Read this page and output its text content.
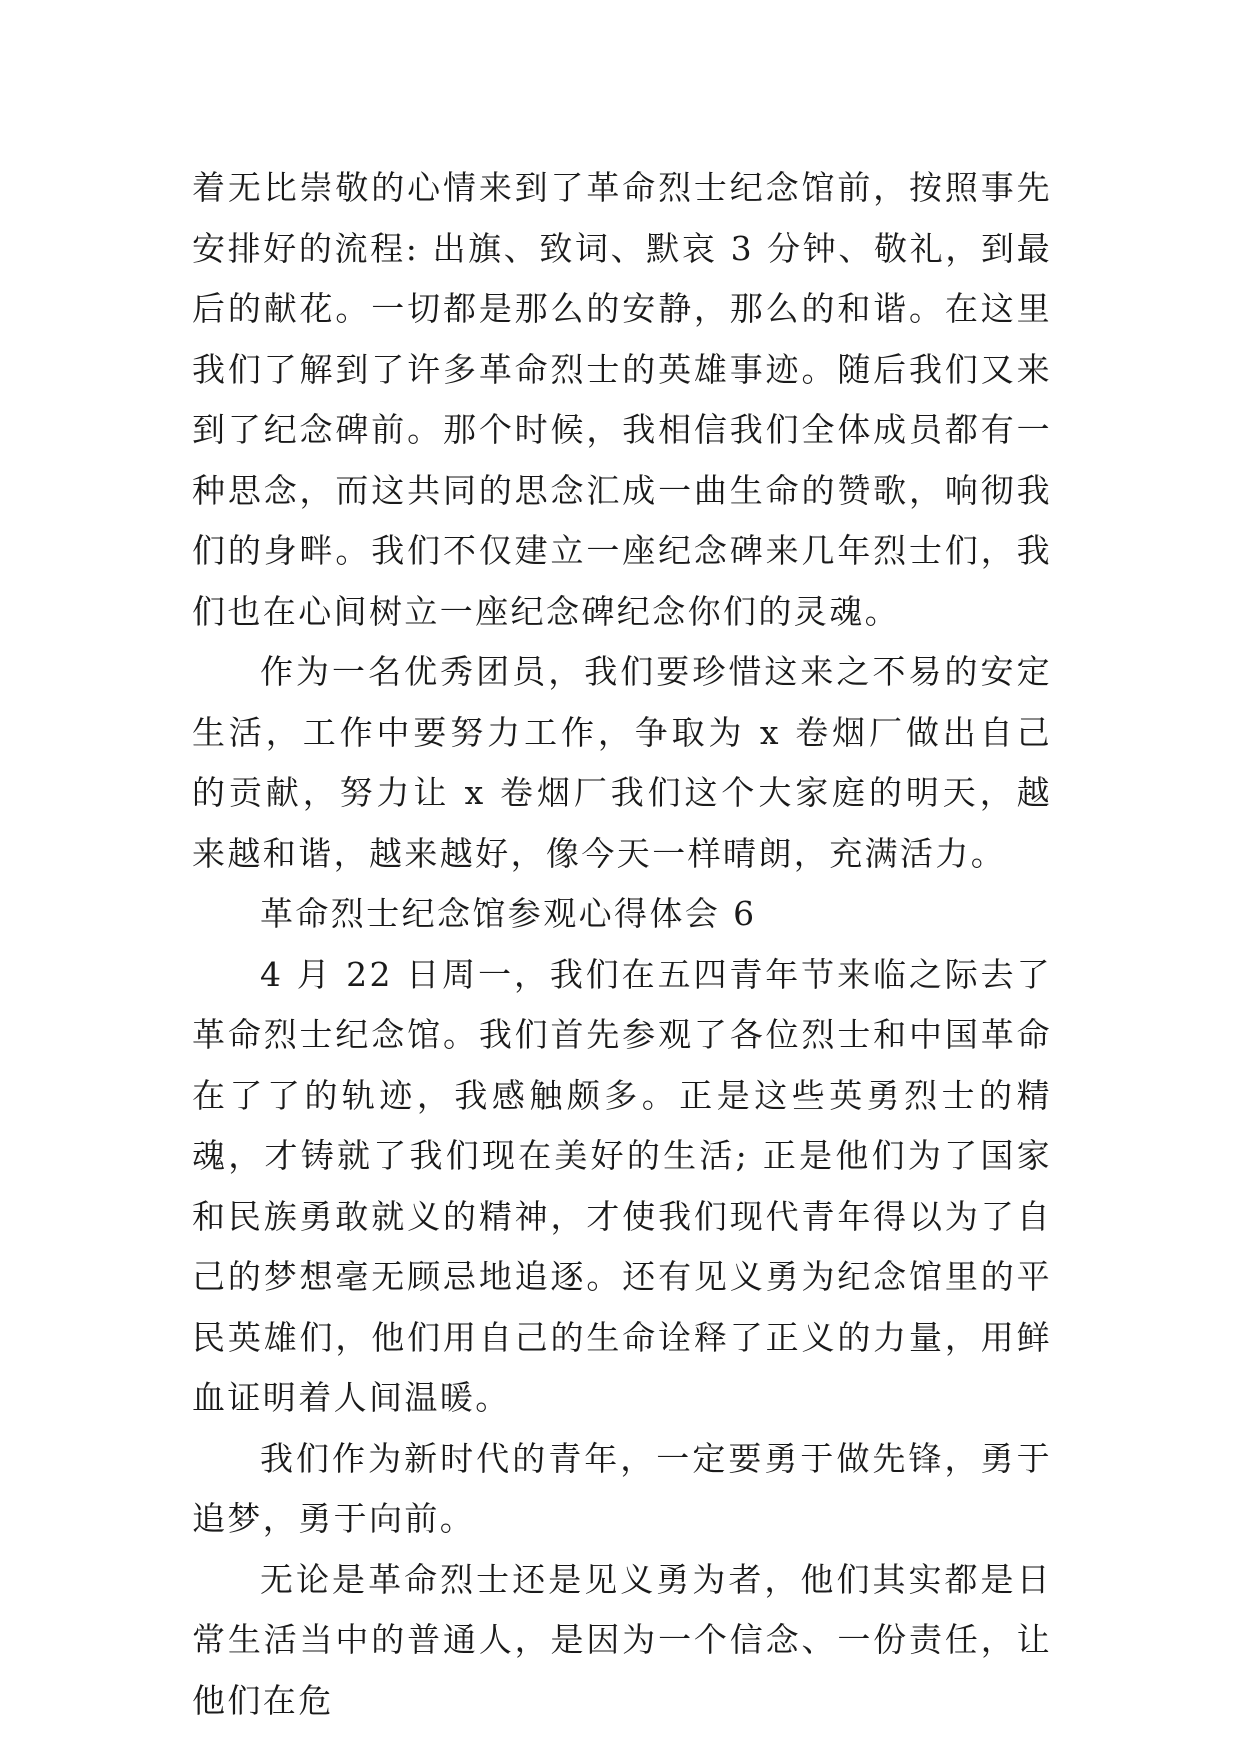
着无比崇敬的心情来到了革命烈士纪念馆前，按照事先安排好的流程: 出旗、致词、默哀 3 分钟、敬礼，到最后的献花。一切都是那么的安静，那么的和谐。在这里我们了解到了许多革命烈士的英雄事迹。随后我们又来到了纪念碑前。那个时候，我相信我们全体成员都有一种思念，而这共同的思念汇成一曲生命的赞歌，响彻我们的身畔。我们不仅建立一座纪念碑来几年烈士们，我们也在心间树立一座纪念碑纪念你们的灵魂。

作为一名优秀团员，我们要珍惜这来之不易的安定生活，工作中要努力工作，争取为 x 卷烟厂做出自己的贡献，努力让 x 卷烟厂我们这个大家庭的明天，越来越和谐，越来越好，像今天一样晴朗，充满活力。

革命烈士纪念馆参观心得体会 6

4 月 22 日周一，我们在五四青年节来临之际去了革命烈士纪念馆。我们首先参观了各位烈士和中国革命在了了的轨迹，我感触颇多。正是这些英勇烈士的精魂，才铸就了我们现在美好的生活; 正是他们为了国家和民族勇敢就义的精神，才使我们现代青年得以为了自己的梦想毫无顾忌地追逐。还有见义勇为纪念馆里的平民英雄们，他们用自己的生命诠释了正义的力量，用鲜血证明着人间温暖。

我们作为新时代的青年，一定要勇于做先锋，勇于追梦，勇于向前。

无论是革命烈士还是见义勇为者，他们其实都是日常生活当中的普通人，是因为一个信念、一份责任，让他们在危
